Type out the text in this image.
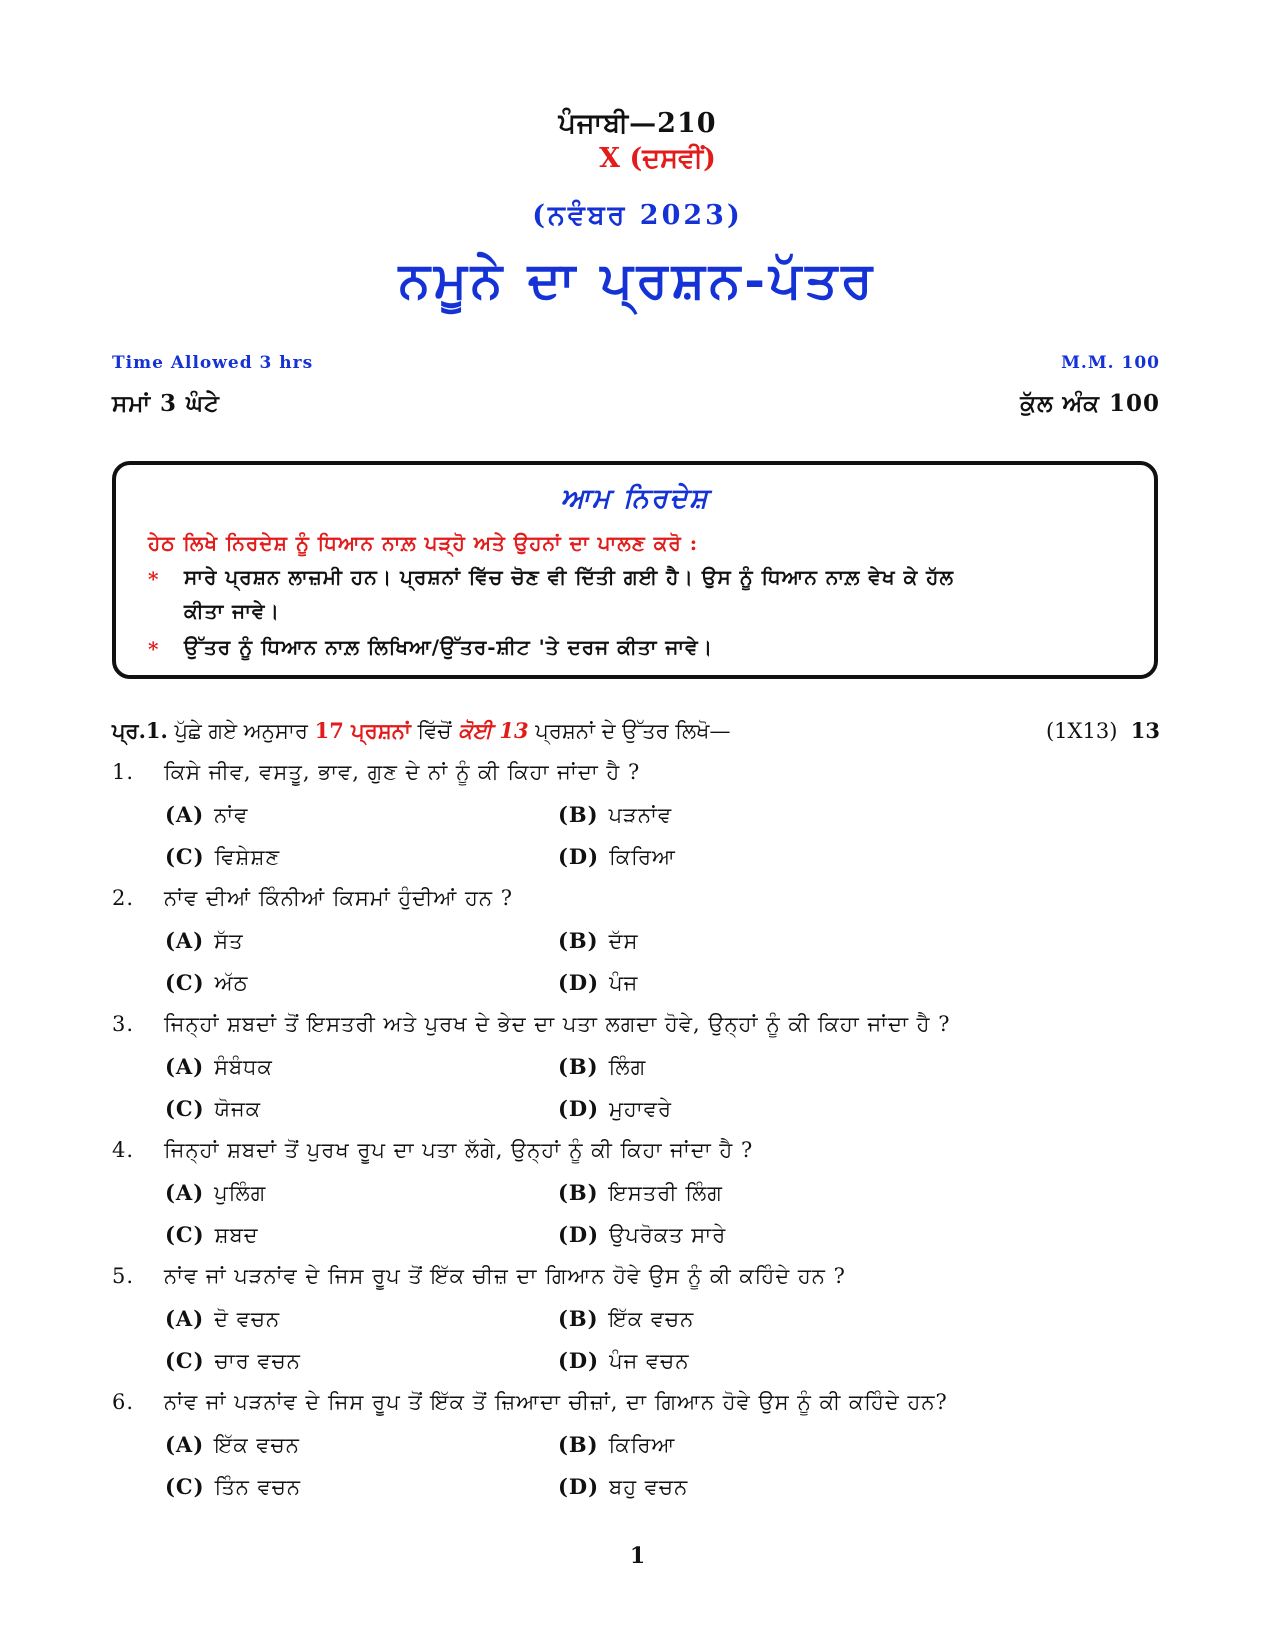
ਪੰਜਾਬੀ—210
X (ਦਸਵੀਂ)
(ਨਵੰਬਰ 2023)
ਨਮੂਨੇ ਦਾ ਪ੍ਰਸ਼ਨ-ਪੱਤਰ
Time Allowed 3 hrs	M.M. 100
ਸਮਾਂ 3 ਘੰਟੇ	ਕੁੱਲ ਅੰਕ 100
ਆਮ ਨਿਰਦੇਸ਼
ਹੇਠ ਲਿਖੇ ਨਿਰਦੇਸ਼ ਨੂੰ ਧਿਆਨ ਨਾਲ਼ ਪੜ੍ਹੋ ਅਤੇ ਉਹਨਾਂ ਦਾ ਪਾਲਣ ਕਰੋ :
* ਸਾਰੇ ਪ੍ਰਸ਼ਨ ਲਾਜ਼ਮੀ ਹਨ। ਪ੍ਰਸ਼ਨਾਂ ਵਿੱਚ ਚੋਣ ਵੀ ਦਿੱਤੀ ਗਈ ਹੈ। ਉਸ ਨੂੰ ਧਿਆਨ ਨਾਲ਼ ਵੇਖ ਕੇ ਹੱਲ
ਕੀਤਾ ਜਾਵੇ।
* ਉੱਤਰ ਨੂੰ ਧਿਆਨ ਨਾਲ਼ ਲਿਖਿਆ/ਉੱਤਰ-ਸ਼ੀਟ 'ਤੇ ਦਰਜ ਕੀਤਾ ਜਾਵੇ।
ਪ੍ਰ.1. ਪੁੱਛੇ ਗਏ ਅਨੁਸਾਰ 17 ਪ੍ਰਸ਼ਨਾਂ ਵਿੱਚੋਂ ਕੋਈ 13 ਪ੍ਰਸ਼ਨਾਂ ਦੇ ਉੱਤਰ ਲਿਖੋ—	(1X13) 13
1. ਕਿਸੇ ਜੀਵ, ਵਸਤੂ, ਭਾਵ, ਗੁਣ ਦੇ ਨਾਂ ਨੂੰ ਕੀ ਕਿਹਾ ਜਾਂਦਾ ਹੈ ?
(A) ਨਾਂਵ	(B) ਪੜਨਾਂਵ
(C) ਵਿਸ਼ੇਸ਼ਣ	(D) ਕਿਰਿਆ
2. ਨਾਂਵ ਦੀਆਂ ਕਿੰਨੀਆਂ ਕਿਸਮਾਂ ਹੁੰਦੀਆਂ ਹਨ ?
(A) ਸੱਤ	(B) ਦੱਸ
(C) ਅੱਠ	(D) ਪੰਜ
3. ਜਿਨ੍ਹਾਂ ਸ਼ਬਦਾਂ ਤੋਂ ਇਸਤਰੀ ਅਤੇ ਪੁਰਖ ਦੇ ਭੇਦ ਦਾ ਪਤਾ ਲਗਦਾ ਹੋਵੇ, ਉਨ੍ਹਾਂ ਨੂੰ ਕੀ ਕਿਹਾ ਜਾਂਦਾ ਹੈ ?
(A) ਸੰਬੰਧਕ	(B) ਲਿੰਗ
(C) ਯੋਜਕ	(D) ਮੁਹਾਵਰੇ
4. ਜਿਨ੍ਹਾਂ ਸ਼ਬਦਾਂ ਤੋਂ ਪੁਰਖ ਰੂਪ ਦਾ ਪਤਾ ਲੱਗੇ, ਉਨ੍ਹਾਂ ਨੂੰ ਕੀ ਕਿਹਾ ਜਾਂਦਾ ਹੈ ?
(A) ਪੁਲਿੰਗ	(B) ਇਸਤਰੀ ਲਿੰਗ
(C) ਸ਼ਬਦ	(D) ਉਪਰੋਕਤ ਸਾਰੇ
5. ਨਾਂਵ ਜਾਂ ਪੜਨਾਂਵ ਦੇ ਜਿਸ ਰੂਪ ਤੋਂ ਇੱਕ ਚੀਜ਼ ਦਾ ਗਿਆਨ ਹੋਵੇ ਉਸ ਨੂੰ ਕੀ ਕਹਿੰਦੇ ਹਨ ?
(A) ਦੋ ਵਚਨ	(B) ਇੱਕ ਵਚਨ
(C) ਚਾਰ ਵਚਨ	(D) ਪੰਜ ਵਚਨ
6. ਨਾਂਵ ਜਾਂ ਪੜਨਾਂਵ ਦੇ ਜਿਸ ਰੂਪ ਤੋਂ ਇੱਕ ਤੋਂ ਜ਼ਿਆਦਾ ਚੀਜ਼ਾਂ, ਦਾ ਗਿਆਨ ਹੋਵੇ ਉਸ ਨੂੰ ਕੀ ਕਹਿੰਦੇ ਹਨ?
(A) ਇੱਕ ਵਚਨ	(B) ਕਿਰਿਆ
(C) ਤਿੰਨ ਵਚਨ	(D) ਬਹੁ ਵਚਨ
1
